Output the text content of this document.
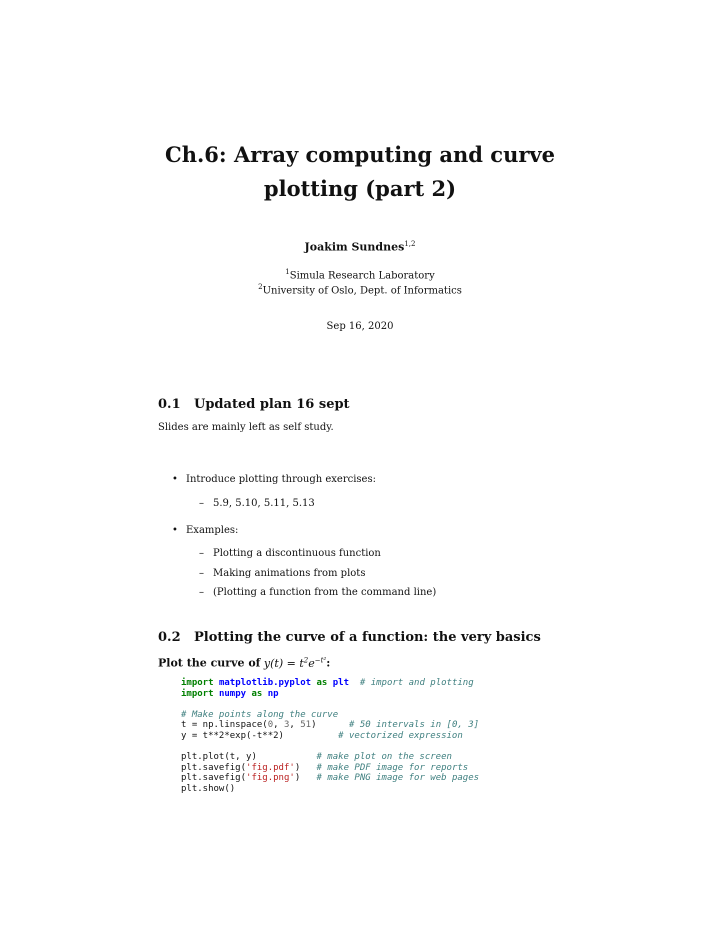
Ch.6: Array computing and curve
plotting (part 2)
Joakim Sundnes$^{1,2}$
$^1$Simula Research Laboratory
$^2$University of Oslo, Dept. of Informatics
Sep 16, 2020
0.1 Updated plan 16 sept
Slides are mainly left as self study.
• Introduce plotting through exercises:
– 5.9, 5.10, 5.11, 5.13
• Examples:
– Plotting a discontinuous function
– Making animations from plots
– (Plotting a function from the command line)
0.2 Plotting the curve of a function: the very basics
Plot the curve of $y(t) = t^2e^{-t^2}$:
import matplotlib.pyplot as plt # import and plotting
import numpy as np

# Make points along the curve
t = np.linspace(0, 3, 51)      # 50 intervals in [0, 3]
y = t**2*exp(-t**2)	# vectorized expression

plt.plot(t, y)	# make plot on the screen
plt.savefig('fig.pdf')   # make PDF image for reports
plt.savefig('fig.png')   # make PNG image for web pages
plt.show()
